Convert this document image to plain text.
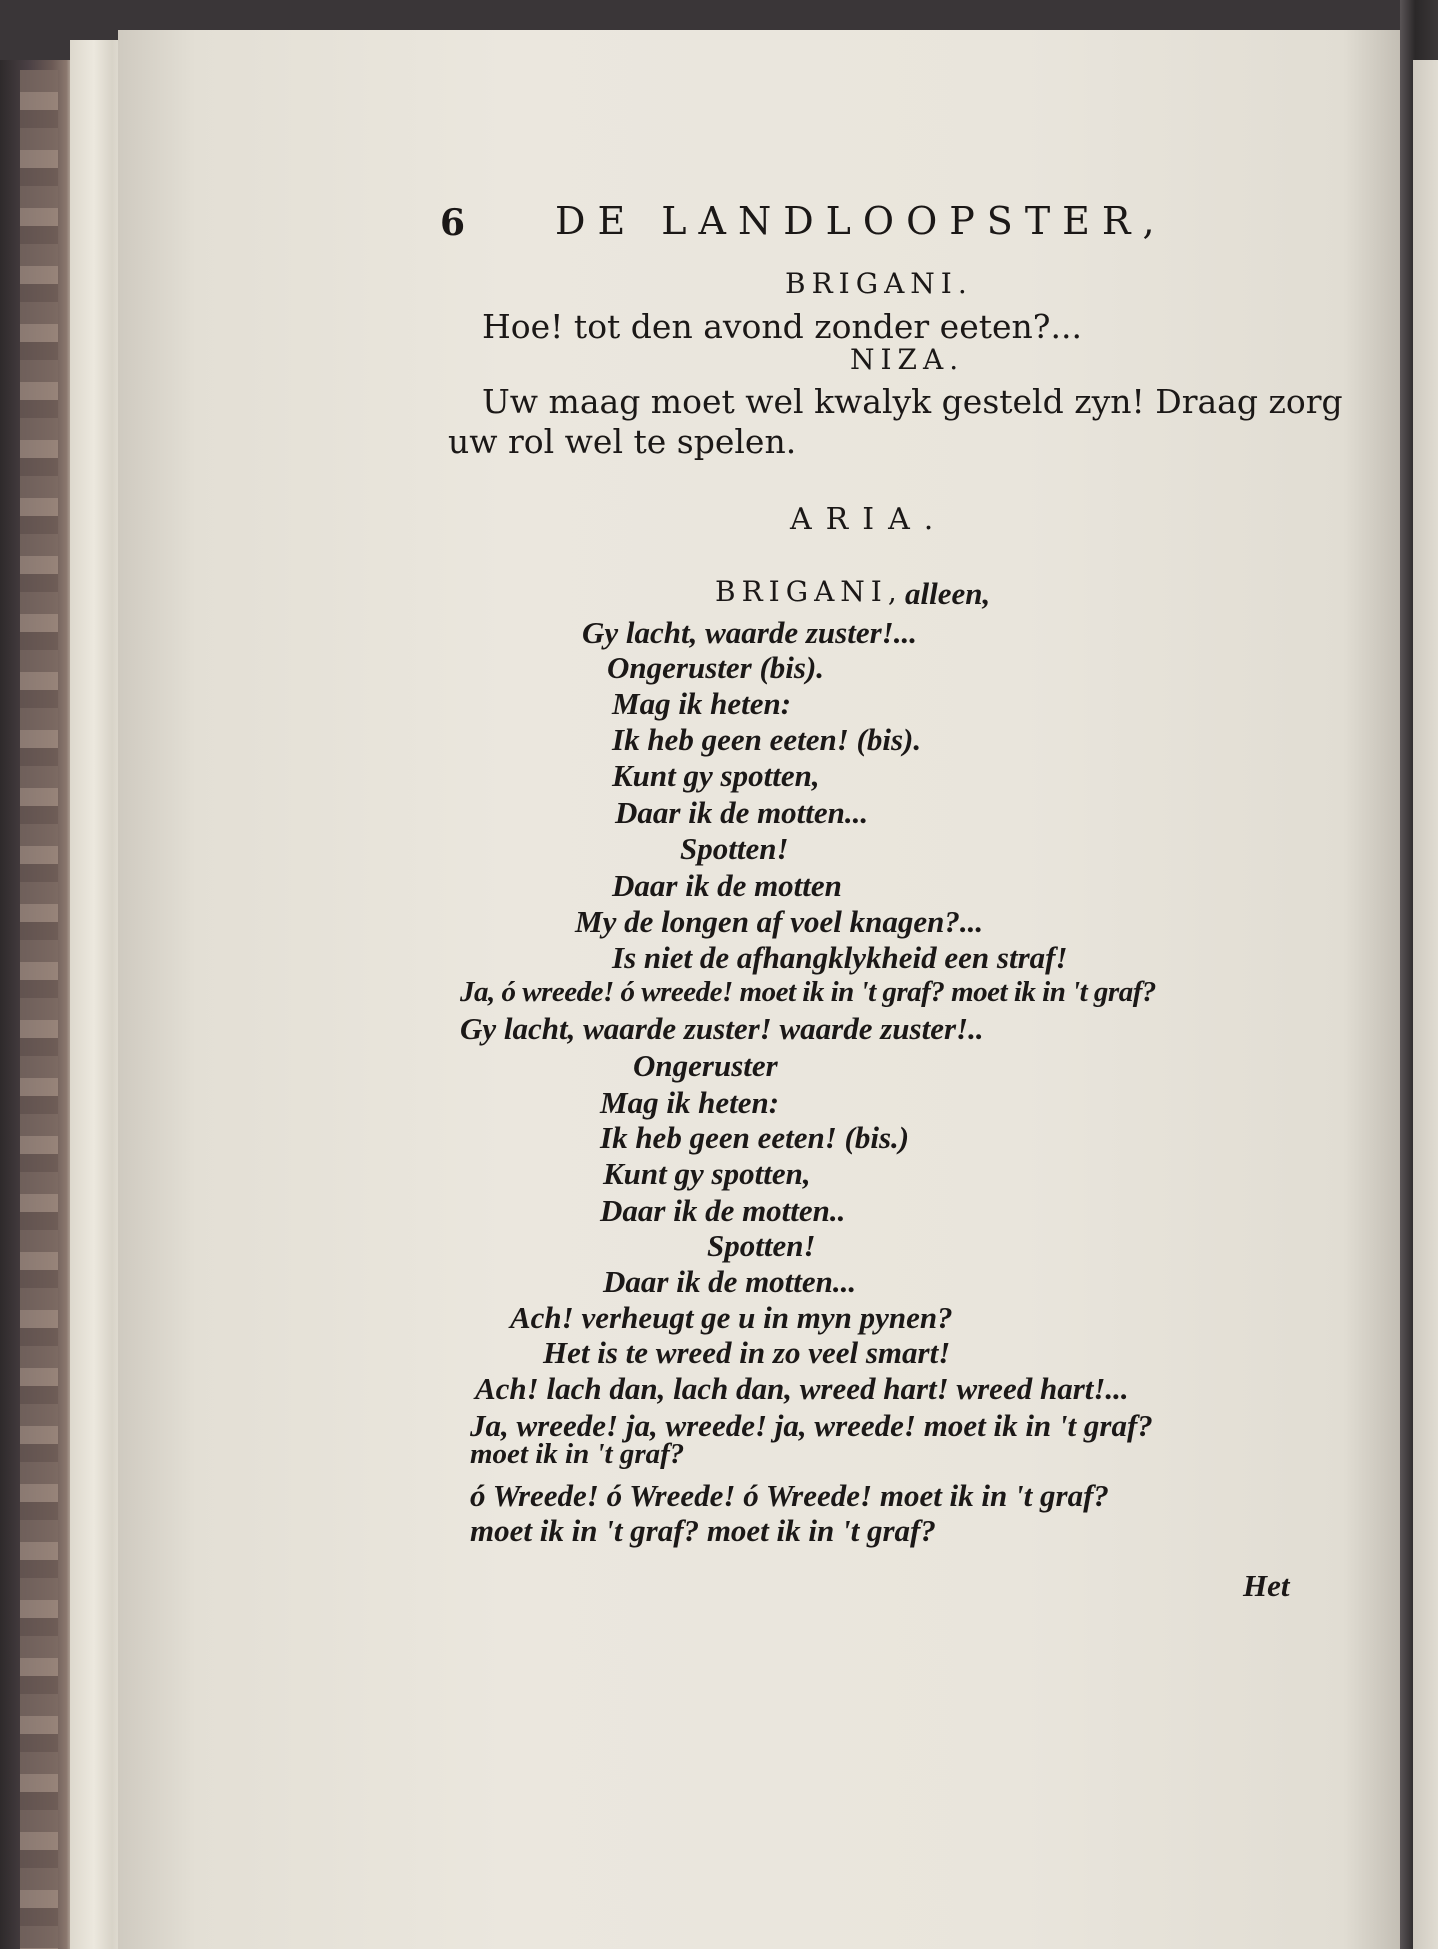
6 DE LANDLOOPSTER,
BRIGANI.
Hoe! tot den avond zonder eeten?...
NIZA.
Uw maag moet wel kwalyk gesteld zyn! Draag zorg
uw rol wel te spelen.
ARIA.
BRIGANI, alleen,
Gy lacht, waarde zuster!...
Ongeruster (bis).
Mag ik heten:
Ik heb geen eeten! (bis).
Kunt gy spotten,
Daar ik de motten...
Spotten!
Daar ik de motten
My de longen af voel knagen?...
Is niet de afhangklykheid een straf!
Ja, ó wreede! ó wreede! moet ik in 't graf? moet ik in 't graf?
Gy lacht, waarde zuster! waarde zuster!..
Ongeruster
Mag ik heten:
Ik heb geen eeten! (bis.)
Kunt gy spotten,
Daar ik de motten..
Spotten!
Daar ik de motten...
Ach! verheugt ge u in myn pynen?
Het is te wreed in zo veel smart!
Ach! lach dan, lach dan, wreed hart! wreed hart!...
Ja, wreede! ja, wreede! ja, wreede! moet ik in 't graf?
moet ik in 't graf?
ó Wreede! ó Wreede! ó Wreede! moet ik in 't graf?
moet ik in 't graf? moet ik in 't graf?
Het
